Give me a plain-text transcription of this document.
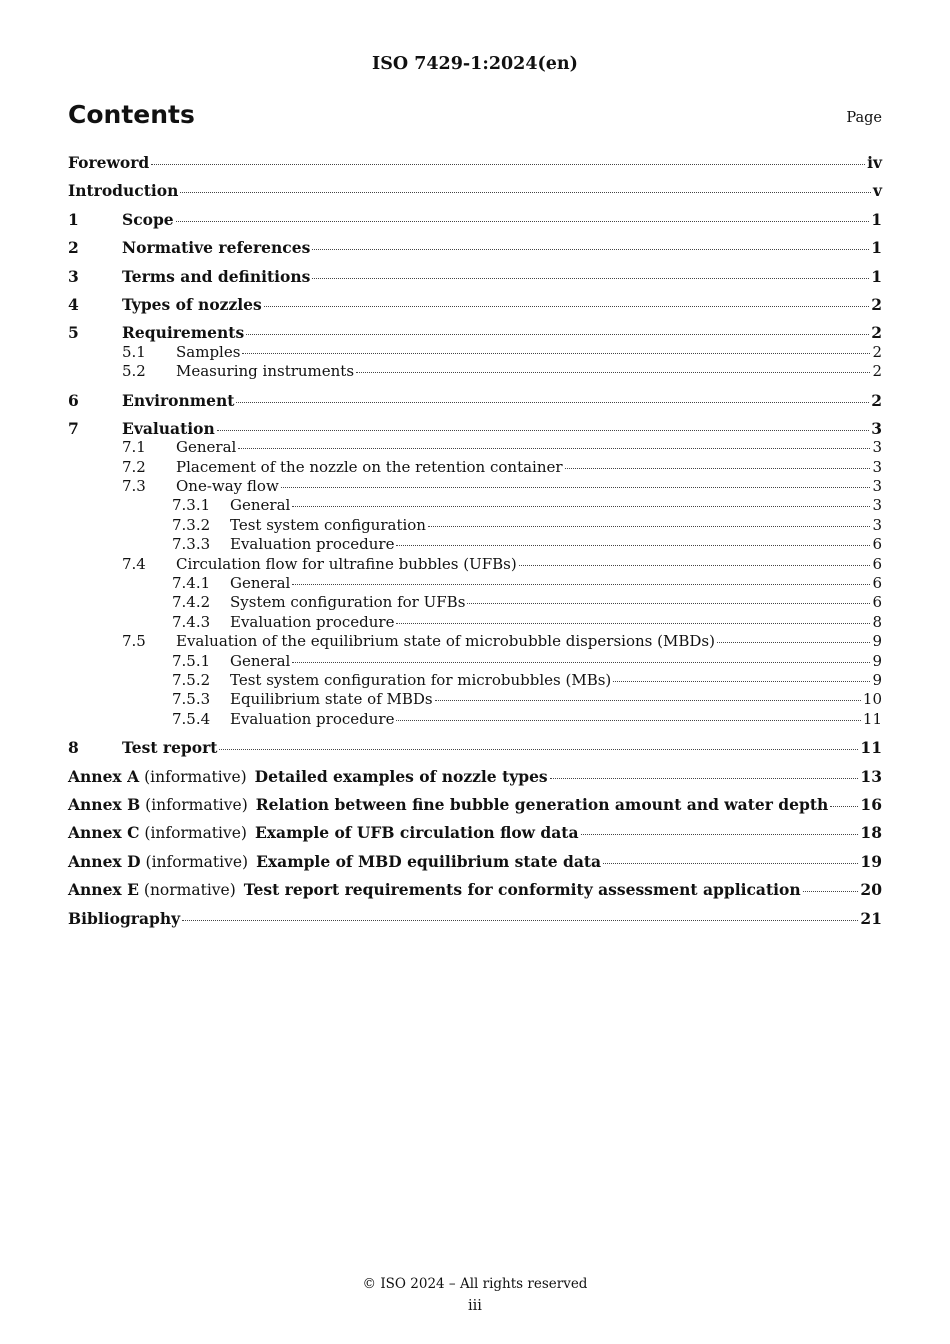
ISO 7429-1:2024(en)
Contents	Page
Foreword	iv
Introduction	v
1	Scope	1
2	Normative references	1
3	Terms and definitions	1
4	Types of nozzles	2
5	Requirements	2
5.1	Samples	2
5.2	Measuring instruments	2
6	Environment	2
7	Evaluation	3
7.1	General	3
7.2	Placement of the nozzle on the retention container	3
7.3	One-way flow	3
7.3.1	General	3
7.3.2	Test system configuration	3
7.3.3	Evaluation procedure	6
7.4	Circulation flow for ultrafine bubbles (UFBs)	6
7.4.1	General	6
7.4.2	System configuration for UFBs	6
7.4.3	Evaluation procedure	8
7.5	Evaluation of the equilibrium state of microbubble dispersions (MBDs)	9
7.5.1	General	9
7.5.2	Test system configuration for microbubbles (MBs)	9
7.5.3	Equilibrium state of MBDs	10
7.5.4	Evaluation procedure	11
8	Test report	11
Annex A (informative) Detailed examples of nozzle types	13
Annex B (informative) Relation between fine bubble generation amount and water depth 16
Annex C (informative) Example of UFB circulation flow data	18
Annex D (informative) Example of MBD equilibrium state data	19
Annex E (normative) Test report requirements for conformity assessment application	20
Bibliography	21
© ISO 2024 – All rights reserved
iii
